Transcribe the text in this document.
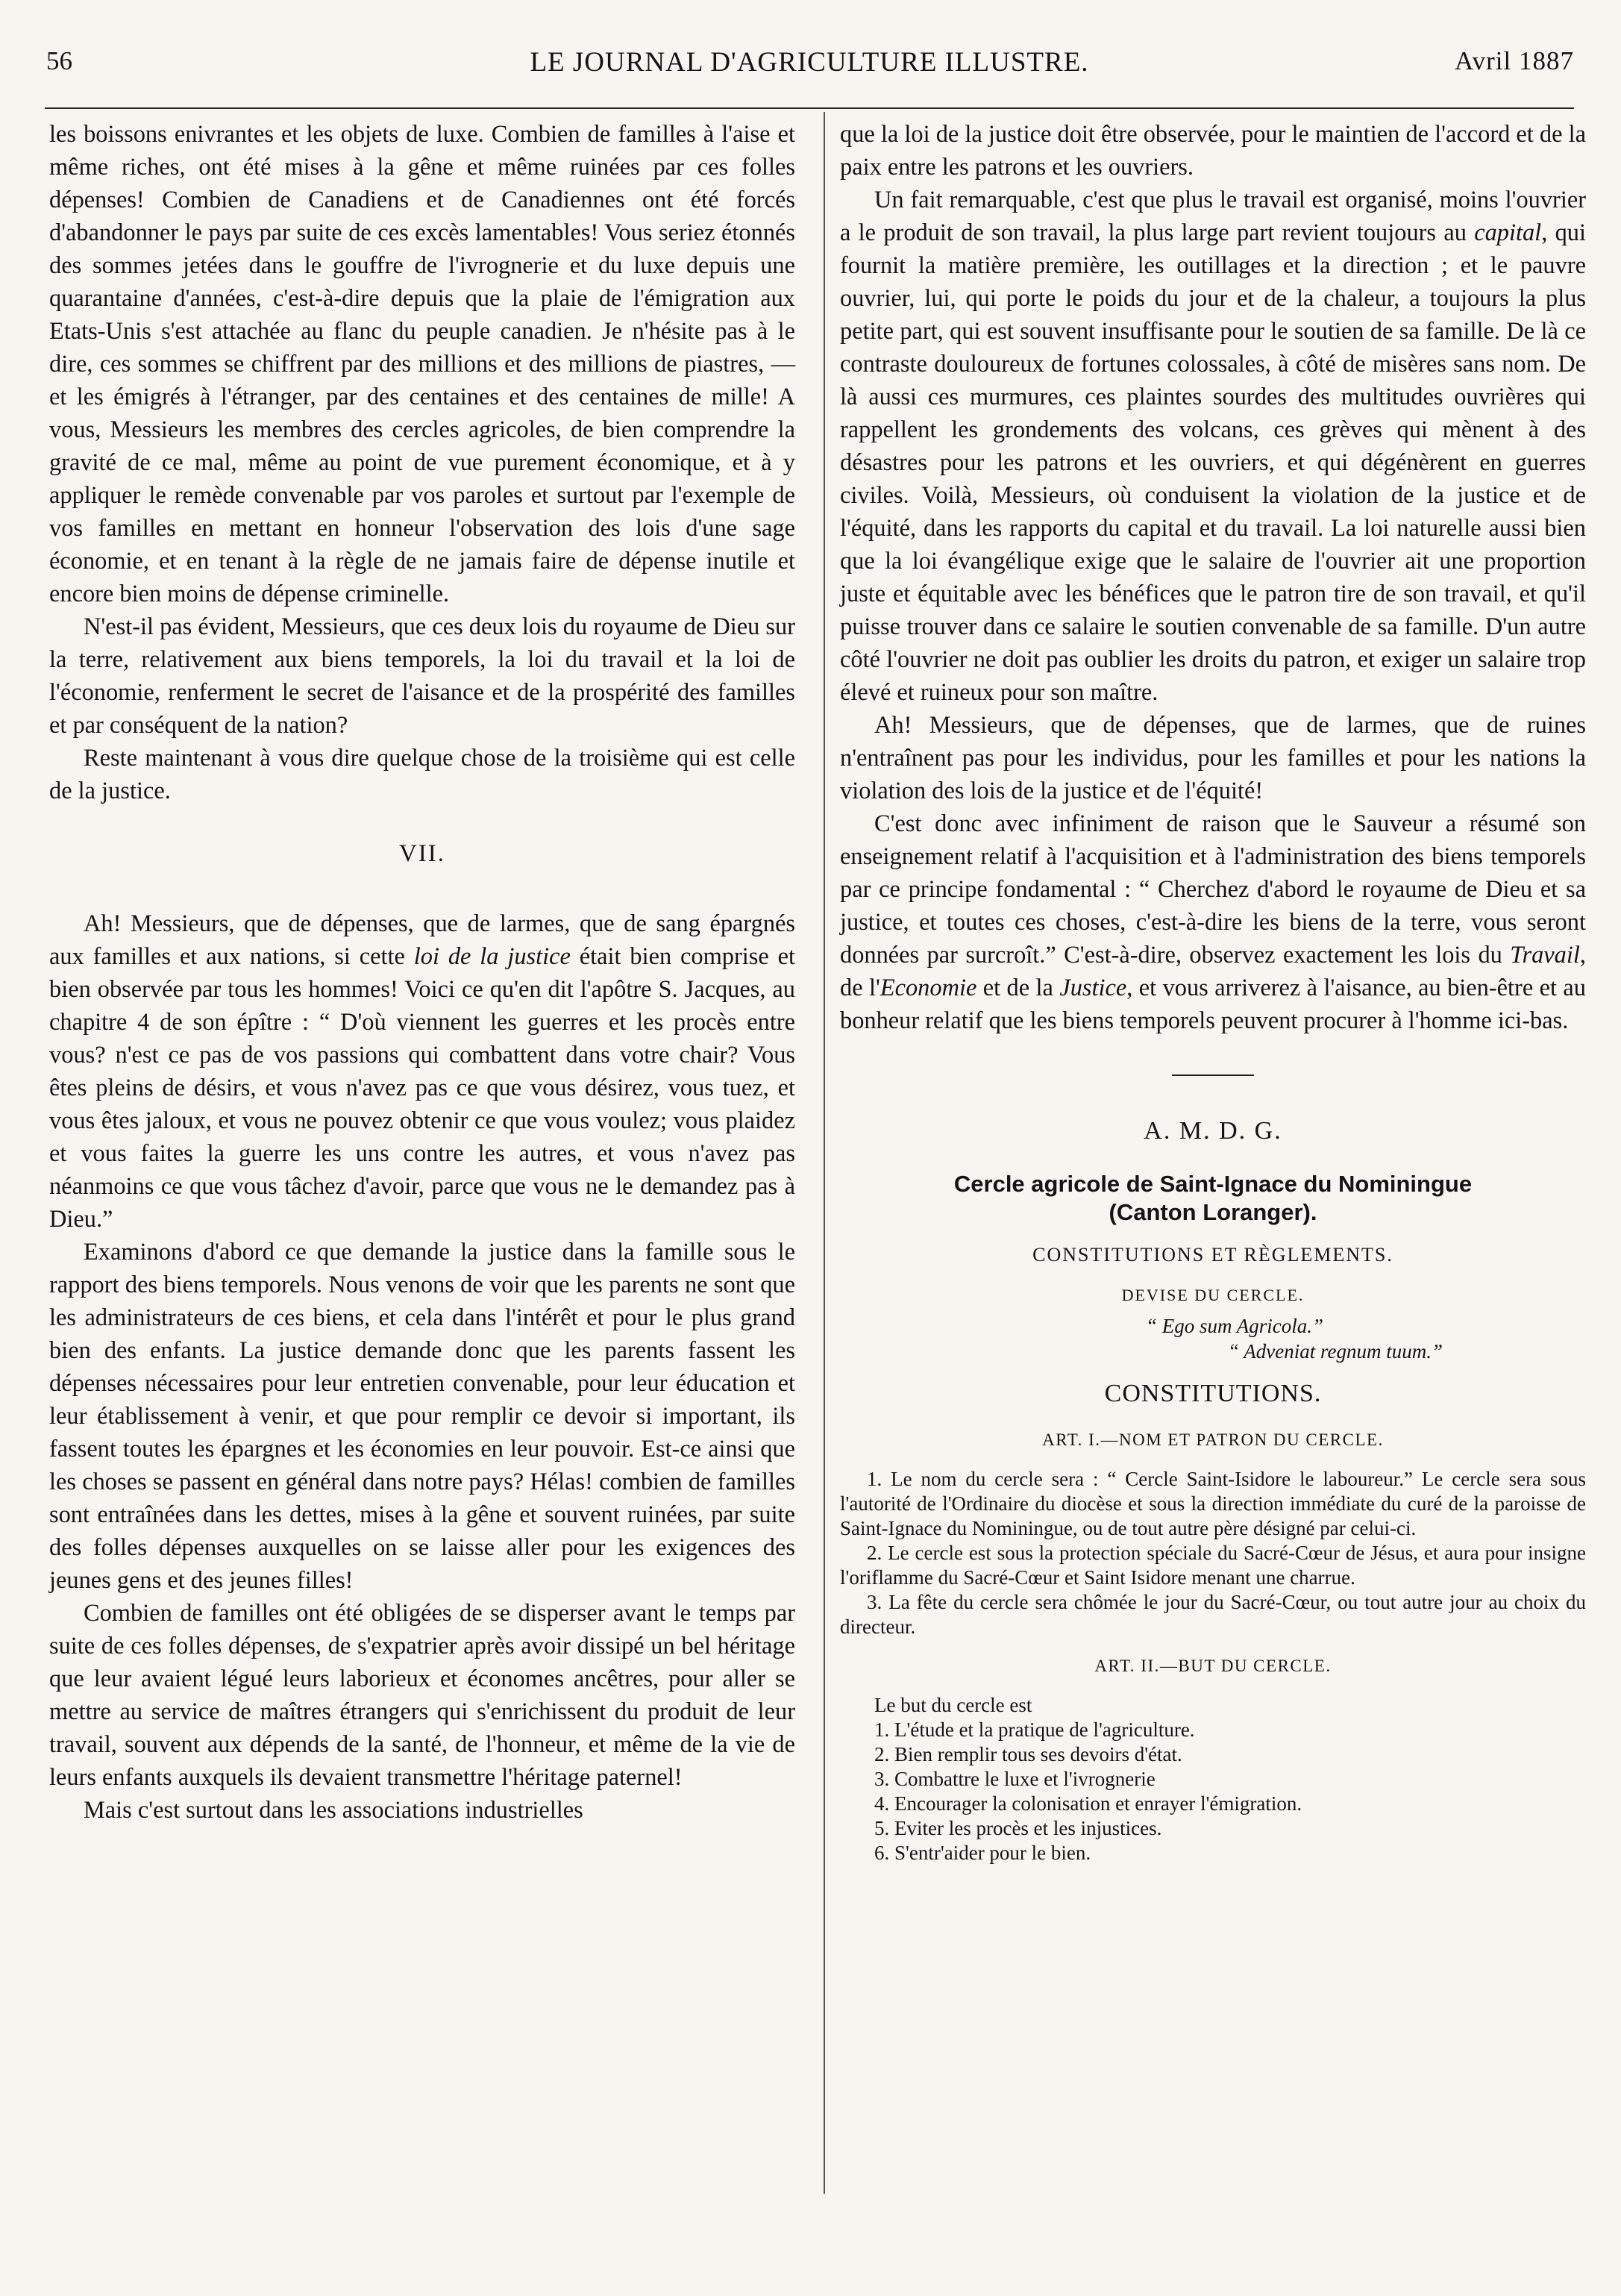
56	LE JOURNAL D'AGRICULTURE ILLUSTRE.	Avril 1887

les boissons enivrantes et les objets de luxe. Combien de familles à l'aise et même riches, ont été mises à la gêne et même ruinées par ces folles dépenses! Combien de Canadiens et de Canadiennes ont été forcés d'abandonner le pays par suite de ces excès lamentables! Vous seriez étonnés des sommes jetées dans le gouffre de l'ivrognerie et du luxe depuis une quarantaine d'années, c'est-à-dire depuis que la plaie de l'émigration aux Etats-Unis s'est attachée au flanc du peuple canadien. Je n'hésite pas à le dire, ces sommes se chiffrent par des millions et des millions de piastres, — et les émigrés à l'étranger, par des centaines et des centaines de mille! A vous, Messieurs les membres des cercles agricoles, de bien comprendre la gravité de ce mal, même au point de vue purement économique, et à y appliquer le remède convenable par vos paroles et surtout par l'exemple de vos familles en mettant en honneur l'observation des lois d'une sage économie, et en tenant à la règle de ne jamais faire de dépense inutile et encore bien moins de dépense criminelle.

N'est-il pas évident, Messieurs, que ces deux lois du royaume de Dieu sur la terre, relativement aux biens temporels, la loi du travail et la loi de l'économie, renferment le secret de l'aisance et de la prospérité des familles et par conséquent de la nation?

Reste maintenant à vous dire quelque chose de la troisième qui est celle de la justice.

VII.

Ah! Messieurs, que de dépenses, que de larmes, que de sang épargnés aux familles et aux nations, si cette loi de la justice était bien comprise et bien observée par tous les hommes! Voici ce qu'en dit l'apôtre S. Jacques, au chapitre 4 de son épître : “ D'où viennent les guerres et les procès entre vous? n'est ce pas de vos passions qui combattent dans votre chair? Vous êtes pleins de désirs, et vous n'avez pas ce que vous désirez, vous tuez, et vous êtes jaloux, et vous ne pouvez obtenir ce que vous voulez; vous plaidez et vous faites la guerre les uns contre les autres, et vous n'avez pas néanmoins ce que vous tâchez d'avoir, parce que vous ne le demandez pas à Dieu.”

Examinons d'abord ce que demande la justice dans la famille sous le rapport des biens temporels. Nous venons de voir que les parents ne sont que les administrateurs de ces biens, et cela dans l'intérêt et pour le plus grand bien des enfants. La justice demande donc que les parents fassent les dépenses nécessaires pour leur entretien convenable, pour leur éducation et leur établissement à venir, et que pour remplir ce devoir si important, ils fassent toutes les épargnes et les économies en leur pouvoir. Est-ce ainsi que les choses se passent en général dans notre pays? Hélas! combien de familles sont entraînées dans les dettes, mises à la gêne et souvent ruinées, par suite des folles dépenses auxquelles on se laisse aller pour les exigences des jeunes gens et des jeunes filles!

Combien de familles ont été obligées de se disperser avant le temps par suite de ces folles dépenses, de s'expatrier après avoir dissipé un bel héritage que leur avaient légué leurs laborieux et économes ancêtres, pour aller se mettre au service de maîtres étrangers qui s'enrichissent du produit de leur travail, souvent aux dépends de la santé, de l'honneur, et même de la vie de leurs enfants auxquels ils devaient transmettre l'héritage paternel!

Mais c'est surtout dans les associations industrielles

que la loi de la justice doit être observée, pour le maintien de l'accord et de la paix entre les patrons et les ouvriers.

Un fait remarquable, c'est que plus le travail est organisé, moins l'ouvrier a le produit de son travail, la plus large part revient toujours au capital, qui fournit la matière première, les outillages et la direction ; et le pauvre ouvrier, lui, qui porte le poids du jour et de la chaleur, a toujours la plus petite part, qui est souvent insuffisante pour le soutien de sa famille. De là ce contraste douloureux de fortunes colossales, à côté de misères sans nom. De là aussi ces murmures, ces plaintes sourdes des multitudes ouvrières qui rappellent les grondements des volcans, ces grèves qui mènent à des désastres pour les patrons et les ouvriers, et qui dégénèrent en guerres civiles. Voilà, Messieurs, où conduisent la violation de la justice et de l'équité, dans les rapports du capital et du travail. La loi naturelle aussi bien que la loi évangélique exige que le salaire de l'ouvrier ait une proportion juste et équitable avec les bénéfices que le patron tire de son travail, et qu'il puisse trouver dans ce salaire le soutien convenable de sa famille. D'un autre côté l'ouvrier ne doit pas oublier les droits du patron, et exiger un salaire trop élevé et ruineux pour son maître.

Ah! Messieurs, que de dépenses, que de larmes, que de ruines n'entraînent pas pour les individus, pour les familles et pour les nations la violation des lois de la justice et de l'équité!

C'est donc avec infiniment de raison que le Sauveur a résumé son enseignement relatif à l'acquisition et à l'administration des biens temporels par ce principe fondamental : “ Cherchez d'abord le royaume de Dieu et sa justice, et toutes ces choses, c'est-à-dire les biens de la terre, vous seront données par surcroît.” C'est-à-dire, observez exactement les lois du Travail, de l'Economie et de la Justice, et vous arriverez à l'aisance, au bien-être et au bonheur relatif que les biens temporels peuvent procurer à l'homme ici-bas.

A. M. D. G.
Cercle agricole de Saint-Ignace du Nominingue
(Canton Loranger).
CONSTITUTIONS ET RÈGLEMENTS.
DEVISE DU CERCLE.
“ Ego sum Agricola.”
“ Adveniat regnum tuum.”
CONSTITUTIONS.
ART. I.—NOM ET PATRON DU CERCLE.

1. Le nom du cercle sera : “ Cercle Saint-Isidore le laboureur.” Le cercle sera sous l'autorité de l'Ordinaire du diocèse et sous la direction immédiate du curé de la paroisse de Saint-Ignace du Nominingue, ou de tout autre père désigné par celui-ci.

2. Le cercle est sous la protection spéciale du Sacré-Cœur de Jésus, et aura pour insigne l'oriflamme du Sacré-Cœur et Saint Isidore menant une charrue.

3. La fête du cercle sera chômée le jour du Sacré-Cœur, ou tout autre jour au choix du directeur.

ART. II.—BUT DU CERCLE.
Le but du cercle est
1. L'étude et la pratique de l'agriculture.
2. Bien remplir tous ses devoirs d'état.
3. Combattre le luxe et l'ivrognerie
4. Encourager la colonisation et enrayer l'émigration.
5. Eviter les procès et les injustices.
6. S'entr'aider pour le bien.
